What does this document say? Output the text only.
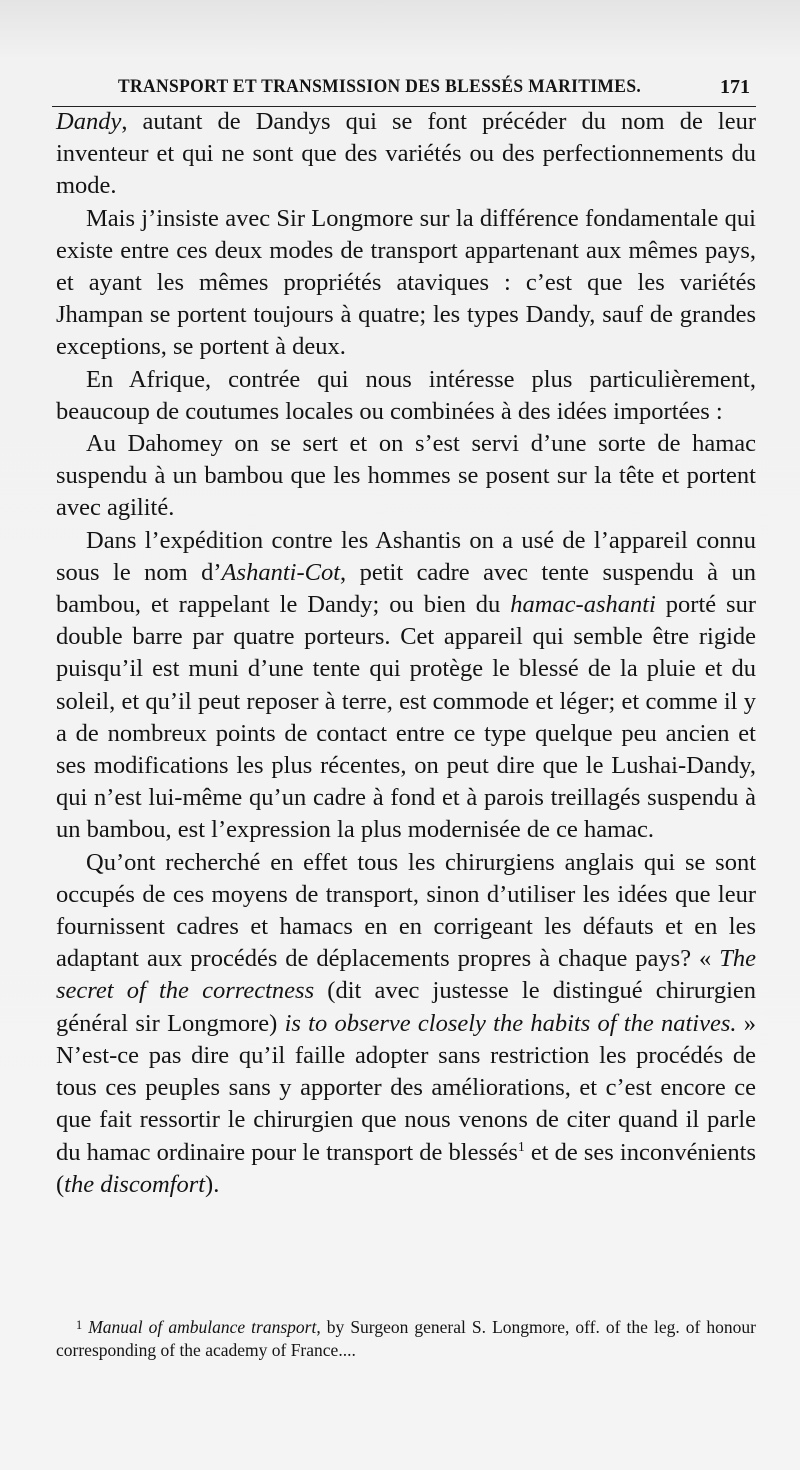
TRANSPORT ET TRANSMISSION DES BLESSÉS MARITIMES.	171

Dandy, autant de Dandys qui se font précéder du nom de leur inventeur et qui ne sont que des variétés ou des perfectionnements du mode.

Mais j’insiste avec Sir Longmore sur la différence fondamentale qui existe entre ces deux modes de transport appartenant aux mêmes pays, et ayant les mêmes propriétés ataviques : c’est que les variétés Jhampan se portent toujours à quatre; les types Dandy, sauf de grandes exceptions, se portent à deux.

En Afrique, contrée qui nous intéresse plus particulièrement, beaucoup de coutumes locales ou combinées à des idées importées :

Au Dahomey on se sert et on s’est servi d’une sorte de hamac suspendu à un bambou que les hommes se posent sur la tête et portent avec agilité.

Dans l’expédition contre les Ashantis on a usé de l’appareil connu sous le nom d’Ashanti-Cot, petit cadre avec tente suspendu à un bambou, et rappelant le Dandy; ou bien du hamac-ashanti porté sur double barre par quatre porteurs. Cet appareil qui semble être rigide puisqu’il est muni d’une tente qui protège le blessé de la pluie et du soleil, et qu’il peut reposer à terre, est commode et léger; et comme il y a de nombreux points de contact entre ce type quelque peu ancien et ses modifications les plus récentes, on peut dire que le Lushai-Dandy, qui n’est lui-même qu’un cadre à fond et à parois treillagés suspendu à un bambou, est l’expression la plus modernisée de ce hamac.

Qu’ont recherché en effet tous les chirurgiens anglais qui se sont occupés de ces moyens de transport, sinon d’utiliser les idées que leur fournissent cadres et hamacs en en corrigeant les défauts et en les adaptant aux procédés de déplacements propres à chaque pays? « The secret of the correctness (dit avec justesse le distingué chirurgien général sir Longmore) is to observe closely the habits of the natives. » N’est-ce pas dire qu’il faille adopter sans restriction les procédés de tous ces peuples sans y apporter des améliorations, et c’est encore ce que fait ressortir le chirurgien que nous venons de citer quand il parle du hamac ordinaire pour le transport de blessés$^1$ et de ses inconvénients (the discomfort).

$^1$ Manual of ambulance transport, by Surgeon general S. Longmore, off. of the leg. of honour corresponding of the academy of France....
